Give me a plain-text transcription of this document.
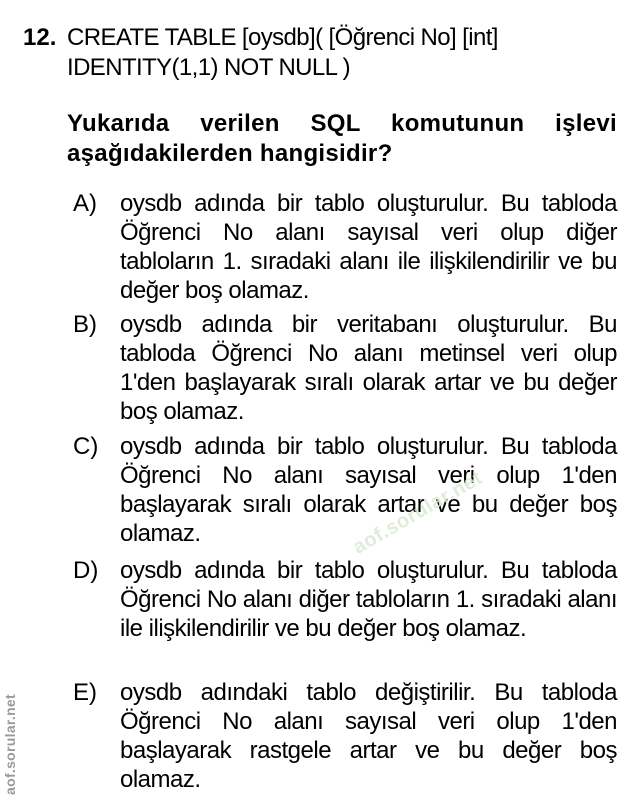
12. CREATE TABLE [oysdb]( [Öğrenci No] [int] IDENTITY(1,1) NOT NULL )
Yukarıda verilen SQL komutunun işlevi aşağıdakilerden hangisidir?
A) oysdb adında bir tablo oluşturulur. Bu tabloda Öğrenci No alanı sayısal veri olup diğer tabloların 1. sıradaki alanı ile ilişkilendirilir ve bu değer boş olamaz.
B) oysdb adında bir veritabanı oluşturulur. Bu tabloda Öğrenci No alanı metinsel veri olup 1'den başlayarak sıralı olarak artar ve bu değer boş olamaz.
C) oysdb adında bir tablo oluşturulur. Bu tabloda Öğrenci No alanı sayısal veri olup 1'den başlayarak sıralı olarak artar ve bu değer boş olamaz.
D) oysdb adında bir tablo oluşturulur. Bu tabloda Öğrenci No alanı diğer tabloların 1. sıradaki alanı ile ilişkilendirilir ve bu değer boş olamaz.
E) oysdb adındaki tablo değiştirilir. Bu tabloda Öğrenci No alanı sayısal veri olup 1'den başlayarak rastgele artar ve bu değer boş olamaz.
aof.sorular.net
aof.sorular.net
